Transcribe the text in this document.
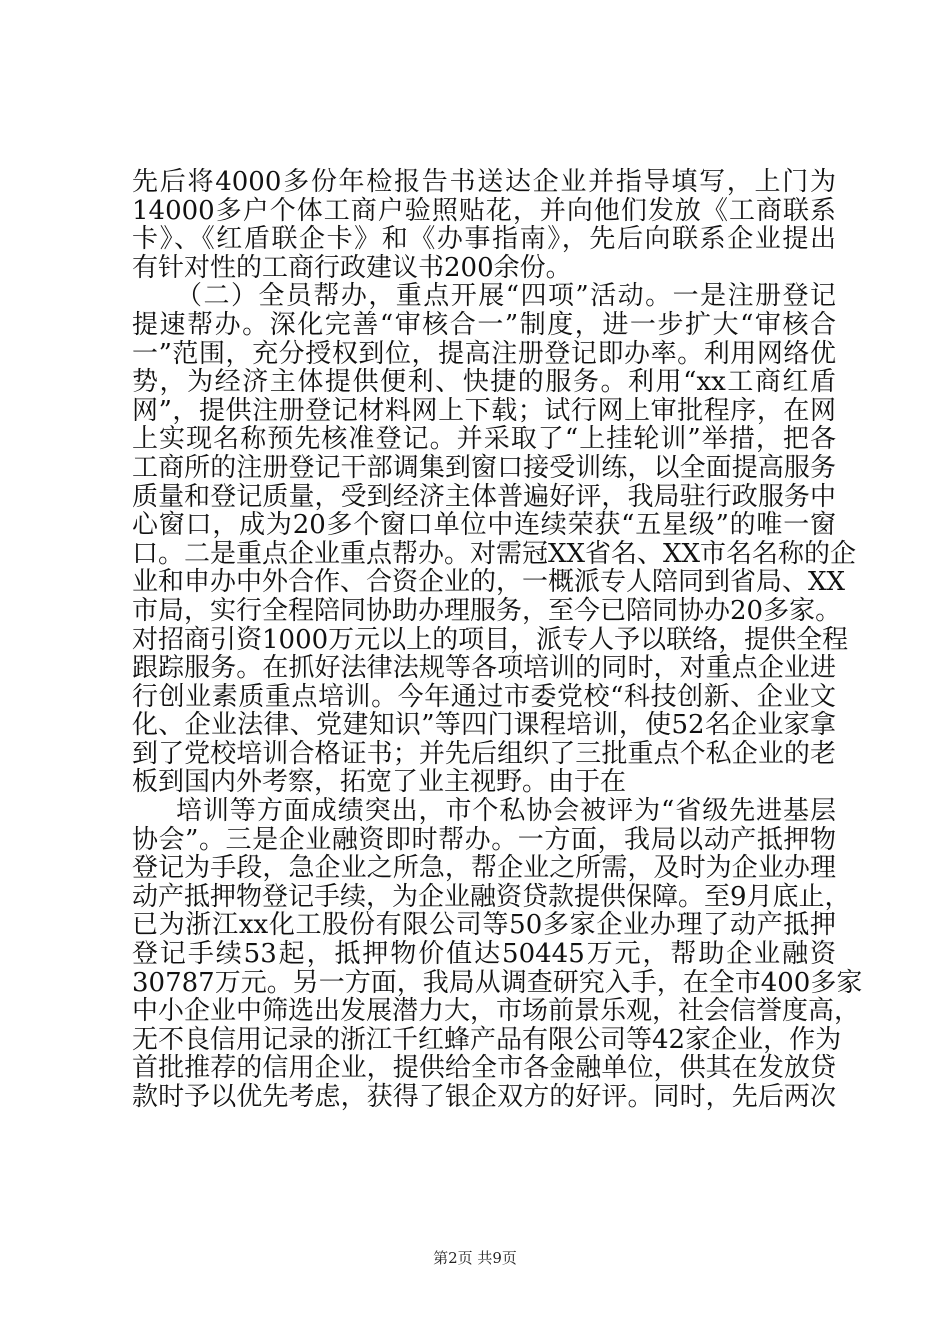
先后将4000多份年检报告书送达企业并指导填写，上门为
14000多户个体工商户验照贴花，并向他们发放《工商联系
卡》、《红盾联企卡》和《办事指南》，先后向联系企业提出
有针对性的工商行政建议书200余份。
（二）全员帮办，重点开展“四项”活动。一是注册登记
提速帮办。深化完善“审核合一”制度，进一步扩大“审核合
一”范围，充分授权到位，提高注册登记即办率。利用网络优
势，为经济主体提供便利、快捷的服务。利用“xx工商红盾
网”，提供注册登记材料网上下载；试行网上审批程序，在网
上实现名称预先核准登记。并采取了“上挂轮训”举措，把各
工商所的注册登记干部调集到窗口接受训练，以全面提高服务
质量和登记质量，受到经济主体普遍好评，我局驻行政服务中
心窗口，成为20多个窗口单位中连续荣获“五星级”的唯一窗
口。二是重点企业重点帮办。对需冠XX省名、XX市名名称的企
业和申办中外合作、合资企业的，一概派专人陪同到省局、XX
市局，实行全程陪同协助办理服务，至今已陪同协办20多家。
对招商引资1000万元以上的项目，派专人予以联络，提供全程
跟踪服务。在抓好法律法规等各项培训的同时，对重点企业进
行创业素质重点培训。今年通过市委党校“科技创新、企业文
化、企业法律、党建知识”等四门课程培训，使52名企业家拿
到了党校培训合格证书；并先后组织了三批重点个私企业的老
板到国内外考察，拓宽了业主视野。由于在
培训等方面成绩突出，市个私协会被评为“省级先进基层
协会”。三是企业融资即时帮办。一方面，我局以动产抵押物
登记为手段，急企业之所急，帮企业之所需，及时为企业办理
动产抵押物登记手续，为企业融资贷款提供保障。至9月底止，
已为浙江xx化工股份有限公司等50多家企业办理了动产抵押
登记手续53起，抵押物价值达50445万元，帮助企业融资
30787万元。另一方面，我局从调查研究入手，在全市400多家
中小企业中筛选出发展潜力大，市场前景乐观，社会信誉度高，
无不良信用记录的浙江千红蜂产品有限公司等42家企业，作为
首批推荐的信用企业，提供给全市各金融单位，供其在发放贷
款时予以优先考虑，获得了银企双方的好评。同时，先后两次
第2页 共9页
